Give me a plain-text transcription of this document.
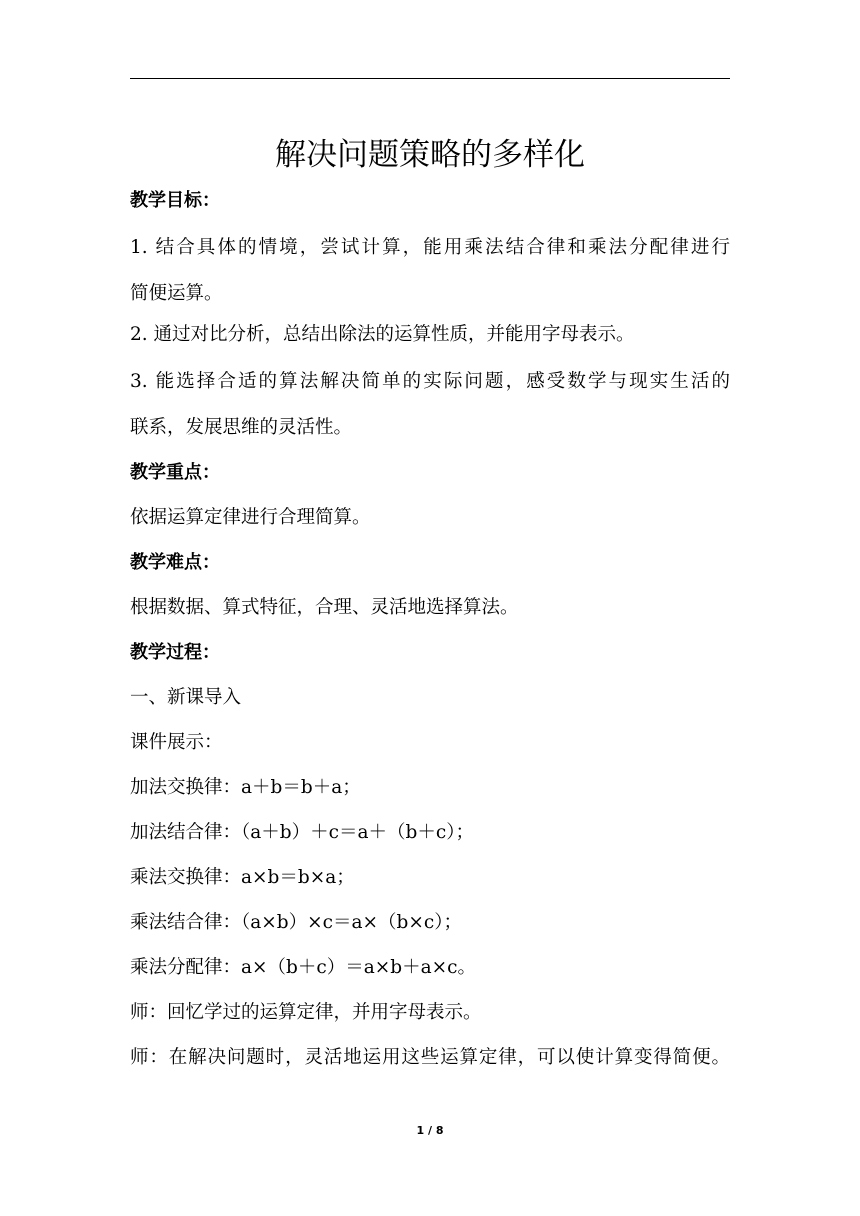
解决问题策略的多样化
教学目标：
1. 结合具体的情境，尝试计算，能用乘法结合律和乘法分配律进行
简便运算。
2. 通过对比分析，总结出除法的运算性质，并能用字母表示。
3. 能选择合适的算法解决简单的实际问题，感受数学与现实生活的
联系，发展思维的灵活性。
教学重点：
依据运算定律进行合理简算。
教学难点：
根据数据、算式特征，合理、灵活地选择算法。
教学过程：
一、新课导入
课件展示：
加法交换律：a＋b＝b＋a；
加法结合律：（a＋b）＋c＝a＋（b＋c）；
乘法交换律：a×b＝b×a；
乘法结合律：（a×b）×c＝a×（b×c）；
乘法分配律：a×（b＋c）＝a×b＋a×c。
师：回忆学过的运算定律，并用字母表示。
师：在解决问题时，灵活地运用这些运算定律，可以使计算变得简便。
1 / 8
